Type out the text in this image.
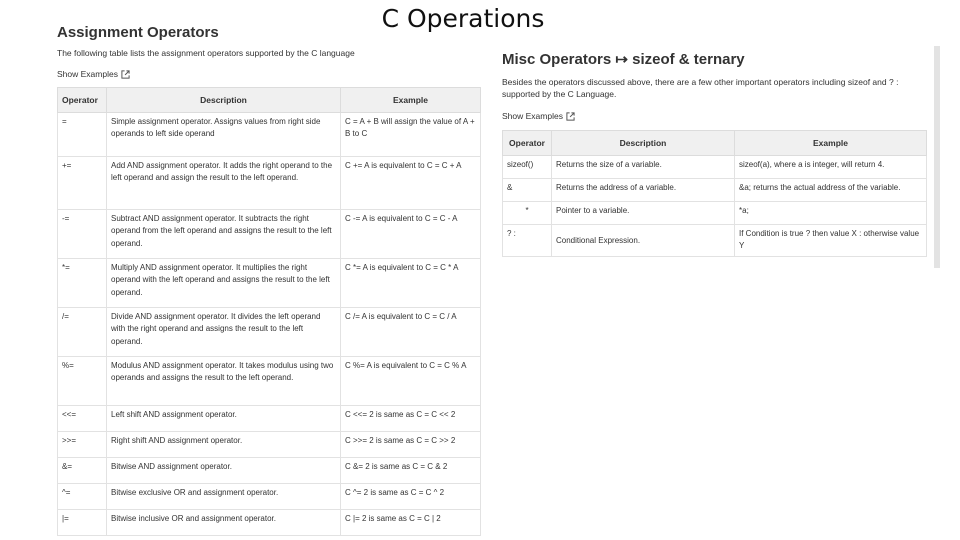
C Operations
Assignment Operators
The following table lists the assignment operators supported by the C language
Show Examples
Operator	Description	Example
=	Simple assignment operator. Assigns values from right side operands to left side operand	C = A + B will assign the value of A + B to C
+=	Add AND assignment operator. It adds the right operand to the left operand and assign the result to the left operand.	C += A is equivalent to C = C + A
-=	Subtract AND assignment operator. It subtracts the right operand from the left operand and assigns the result to the left operand.	C -= A is equivalent to C = C - A
*=	Multiply AND assignment operator. It multiplies the right operand with the left operand and assigns the result to the left operand.	C *= A is equivalent to C = C * A
/=	Divide AND assignment operator. It divides the left operand with the right operand and assigns the result to the left operand.	C /= A is equivalent to C = C / A
%=	Modulus AND assignment operator. It takes modulus using two operands and assigns the result to the left operand.	C %= A is equivalent to C = C % A
<<=	Left shift AND assignment operator.	C <<= 2 is same as C = C << 2
>>=	Right shift AND assignment operator.	C >>= 2 is same as C = C >> 2
&=	Bitwise AND assignment operator.	C &= 2 is same as C = C & 2
^=	Bitwise exclusive OR and assignment operator.	C ^= 2 is same as C = C ^ 2
|=	Bitwise inclusive OR and assignment operator.	C |= 2 is same as C = C | 2
Misc Operators ↦ sizeof & ternary
Besides the operators discussed above, there are a few other important operators including sizeof and ? : supported by the C Language.
Show Examples
Operator	Description	Example
sizeof()	Returns the size of a variable.	sizeof(a), where a is integer, will return 4.
&	Returns the address of a variable.	&a; returns the actual address of the variable.
*	Pointer to a variable.	*a;
? :	Conditional Expression.	If Condition is true ? then value X : otherwise value Y
